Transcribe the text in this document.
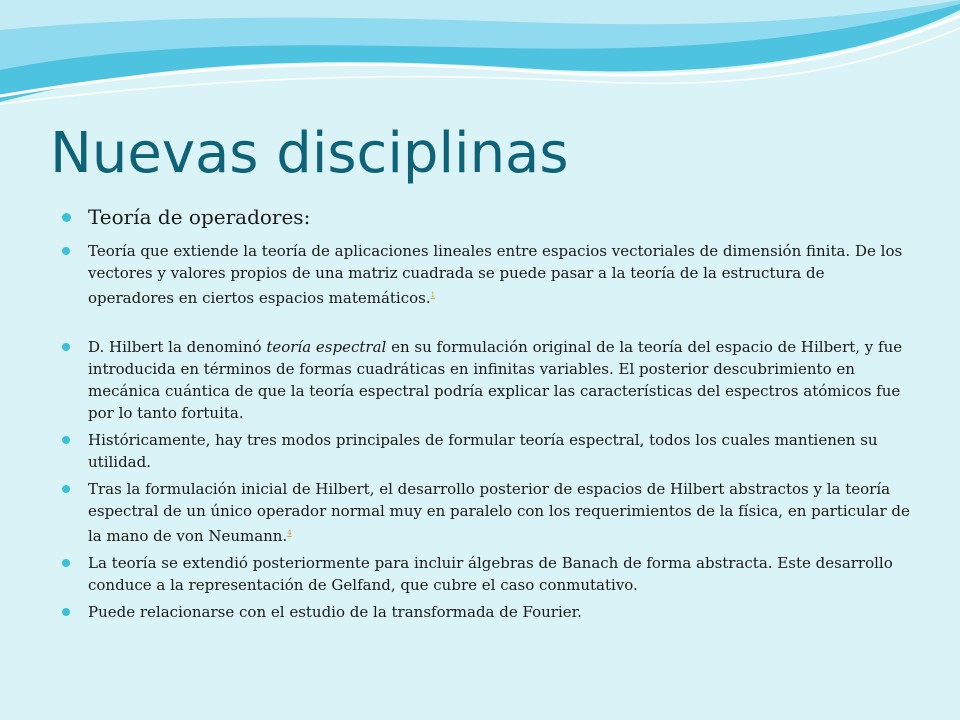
Nuevas disciplinas
Teoría de operadores:
Teoría que extiende la teoría de aplicaciones lineales entre espacios vectoriales de dimensión finita. De los vectores y valores propios de una matriz cuadrada se puede pasar a la teoría de la estructura de operadores en ciertos espacios matemáticos.$^1$
D. Hilbert la denominó teoría espectral en su formulación original de la teoría del espacio de Hilbert, y fue introducida en términos de formas cuadráticas en infinitas variables. El posterior descubrimiento en mecánica cuántica de que la teoría espectral podría explicar las características del espectros atómicos fue por lo tanto fortuita.
Históricamente, hay tres modos principales de formular teoría espectral, todos los cuales mantienen su utilidad.
Tras la formulación inicial de Hilbert, el desarrollo posterior de espacios de Hilbert abstractos y la teoría espectral de un único operador normal muy en paralelo con los requerimientos de la física, en particular de la mano de von Neumann.$^4$
La teoría se extendió posteriormente para incluir álgebras de Banach de forma abstracta. Este desarrollo conduce a la representación de Gelfand, que cubre el caso conmutativo.
Puede relacionarse con el estudio de la transformada de Fourier.
